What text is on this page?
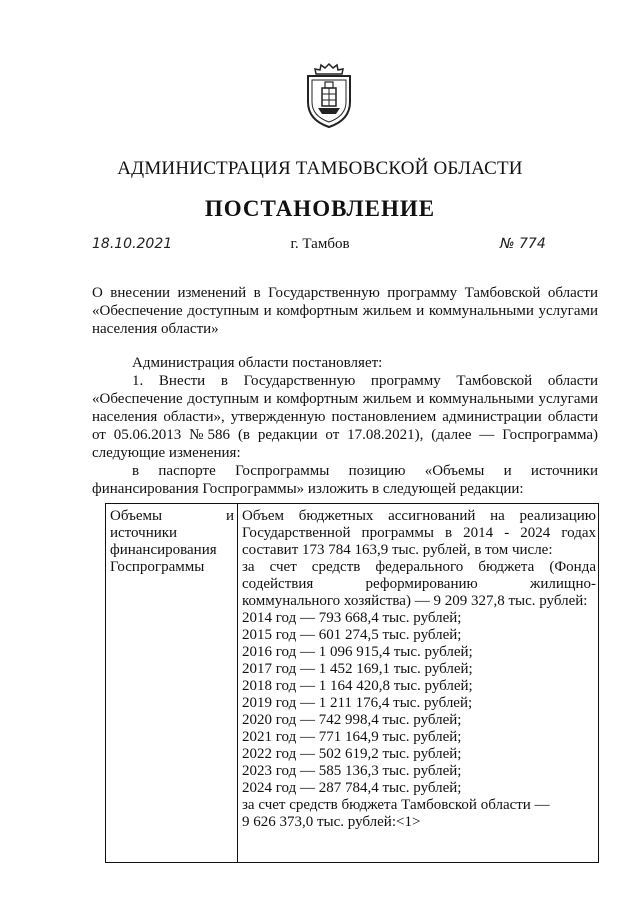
АДМИНИСТРАЦИЯ ТАМБОВСКОЙ ОБЛАСТИ
ПОСТАНОВЛЕНИЕ
18.10.2021	г. Тамбов	№ 774
О внесении изменений в Государственную программу Тамбовской области «Обеспечение доступным и комфортным жильем и коммунальными услугами населения области»

Администрация области постановляет:

1. Внести в Государственную программу Тамбовской области «Обеспечение доступным и комфортным жильем и коммунальными услугами населения области», утвержденную постановлением администрации области от 05.06.2013 №586 (в редакции от 17.08.2021), (далее — Госпрограмма) следующие изменения:

в паспорте Госпрограммы позицию «Объемы и источники финансирования Госпрограммы» изложить в следующей редакции:

и
Объемы
источники
финансирования
Госпрограммы
Объем бюджетных ассигнований на реализацию Государственной программы в 2014 - 2024 годах составит 173 784 163,9 тыс. рублей, в том числе:
за счет средств федерального бюджета (Фонда содействия реформированию жилищно-коммунального хозяйства) — 9 209 327,8 тыс. рублей:
2014 год — 793 668,4 тыс. рублей;
2015 год — 601 274,5 тыс. рублей;
2016 год — 1 096 915,4 тыс. рублей;
2017 год — 1 452 169,1 тыс. рублей;
2018 год — 1 164 420,8 тыс. рублей;
2019 год — 1 211 176,4 тыс. рублей;
2020 год — 742 998,4 тыс. рублей;
2021 год — 771 164,9 тыс. рублей;
2022 год — 502 619,2 тыс. рублей;
2023 год — 585 136,3 тыс. рублей;
2024 год — 287 784,4 тыс. рублей;
за счет средств бюджета Тамбовской области —
9 626 373,0 тыс. рублей:<1>
